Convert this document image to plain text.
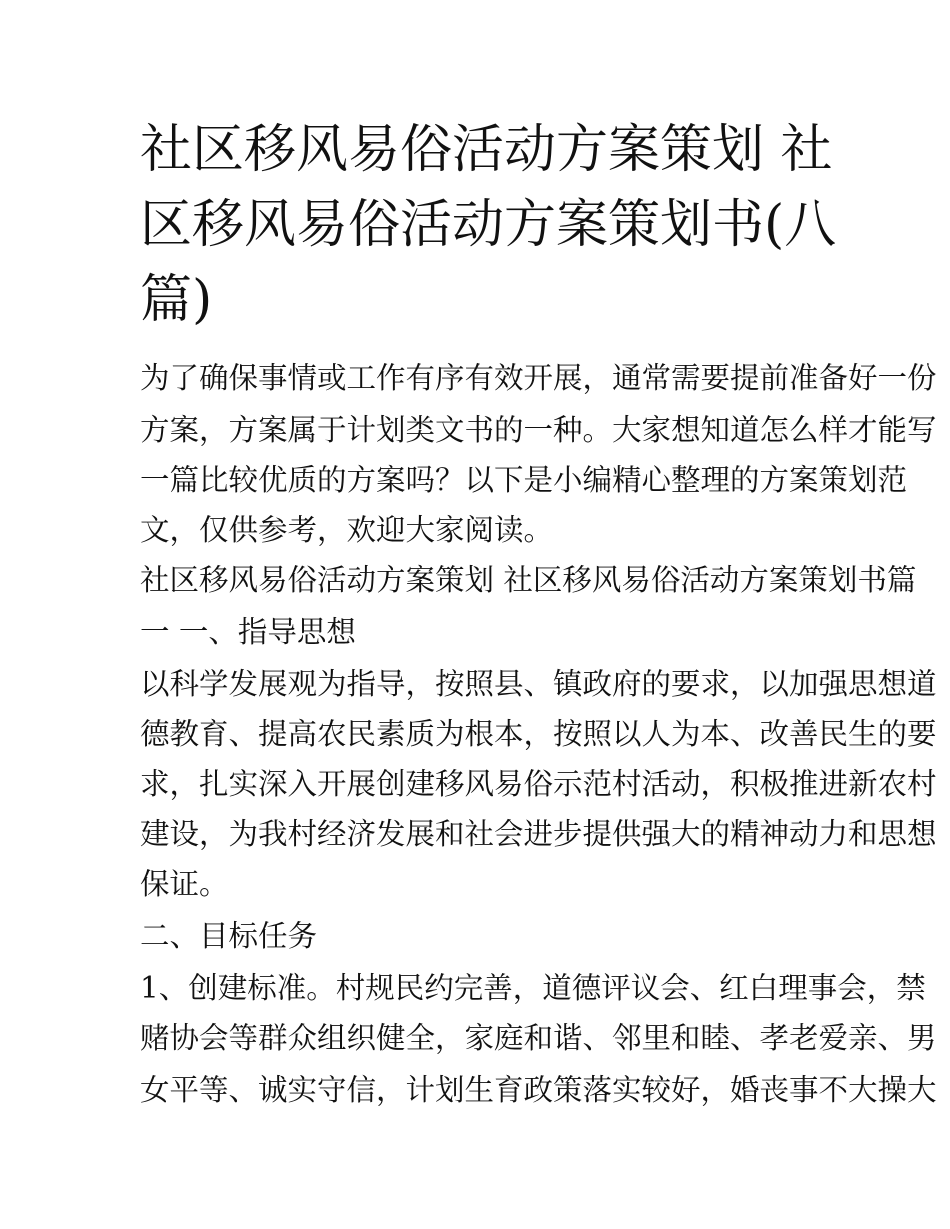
社区移风易俗活动方案策划 社
区移风易俗活动方案策划书(八
篇)
为了确保事情或工作有序有效开展，通常需要提前准备好一份
方案，方案属于计划类文书的一种。大家想知道怎么样才能写
一篇比较优质的方案吗？以下是小编精心整理的方案策划范
文，仅供参考，欢迎大家阅读。
社区移风易俗活动方案策划 社区移风易俗活动方案策划书篇
一 一、指导思想
以科学发展观为指导，按照县、镇政府的要求，以加强思想道
德教育、提高农民素质为根本，按照以人为本、改善民生的要
求，扎实深入开展创建移风易俗示范村活动，积极推进新农村
建设，为我村经济发展和社会进步提供强大的精神动力和思想
保证。
二、目标任务
1、创建标准。村规民约完善，道德评议会、红白理事会，禁
赌协会等群众组织健全，家庭和谐、邻里和睦、孝老爱亲、男
女平等、诚实守信，计划生育政策落实较好，婚丧事不大操大
